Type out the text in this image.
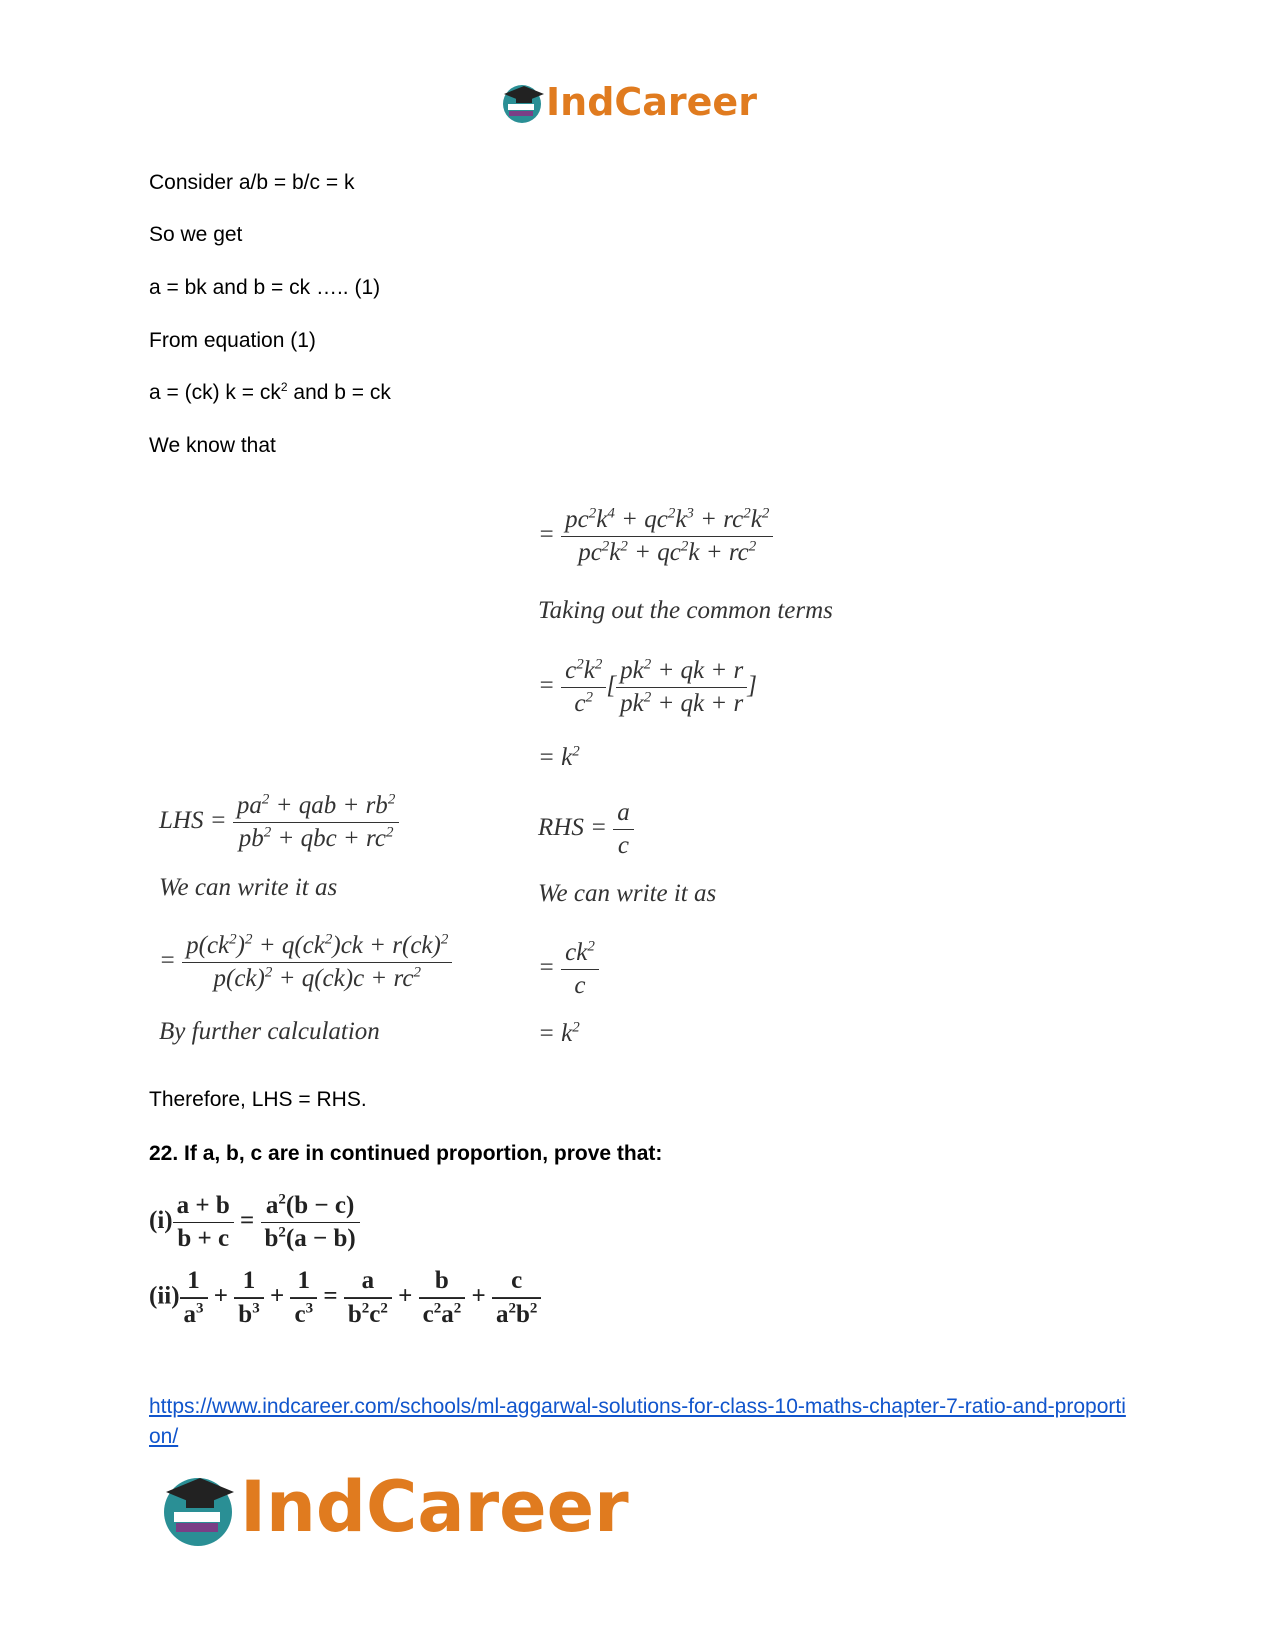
IndCareer
Consider a/b = b/c = k
So we get
a = bk and b = ck ….. (1)
From equation (1)
a = (ck) $k = ck^2$ and b = ck
We know that
= $\frac{pc^2k^4 + qc^2k^3 + rc^2k^2}{pc^2k^2 + qc^2k + rc^2}$
Taking out the common terms
= $\frac{c^2k^2}{c^2}$ [ $\frac{pk^2 + qk + r}{pk^2 + qk + r}$ ]
= $k^2$
LHS = $\frac{pa^2 + qab + rb^2}{pb^2 + qbc + rc^2}$	RHS = $\frac{a}{c}$
We can write it as	We can write it as
= $\frac{p(ck^2)^2 + q(ck^2)ck + r(ck)^2}{p(ck)^2 + q(ck)c + rc^2}$	= $\frac{ck^2}{c}$
By further calculation	= $k^2$
Therefore, LHS = RHS.
22. If a, b, c are in continued proportion, prove that:
$(i) \frac{a + b}{b + c} = \frac{a^2(b - c)}{b^2(a - b)}$
$(ii) \frac{1}{a^3} + \frac{1}{b^3} + \frac{1}{c^3} = \frac{a}{b^2c^2} + \frac{b}{c^2a^2} + \frac{c}{a^2b^2}$
https://www.indcareer.com/schools/ml-aggarwal-solutions-for-class-10-maths-chapter-7-ratio-and-proportion/
IndCareer
